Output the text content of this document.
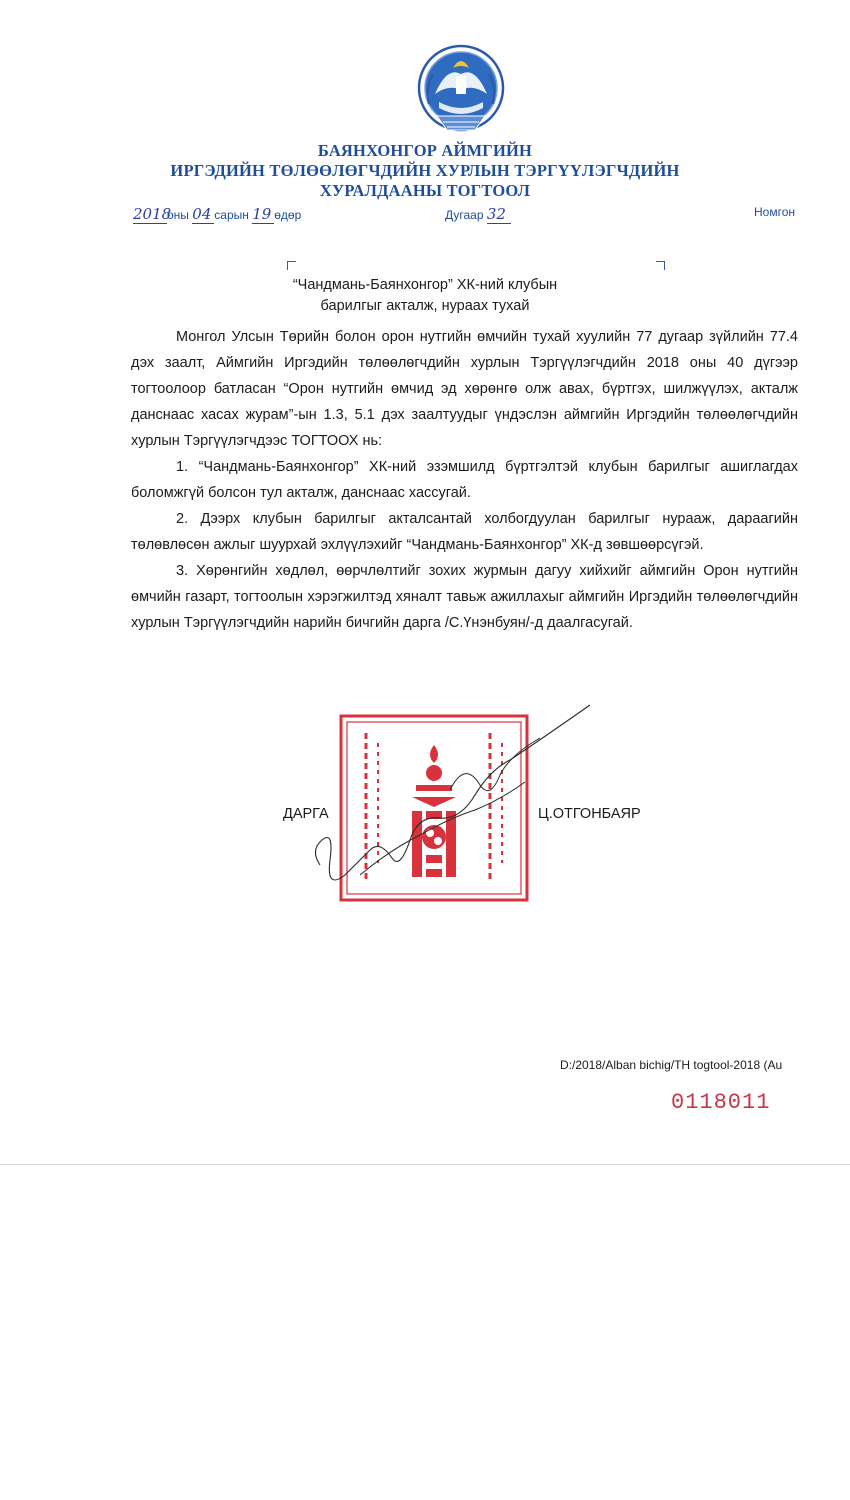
БАЯНХОНГОР АЙМГИЙН
ИРГЭДИЙН ТӨЛӨӨЛӨГЧДИЙН ХУРЛЫН ТЭРГҮҮЛЭГЧДИЙН
ХУРАЛДААНЫ ТОГТООЛ
2018оны 04 сарын 19 өдөр	Дугаар 32	Номгон
“Чандмань-Баянхонгор” ХК-ний клубын
барилгыг акталж, нураах тухай

Монгол Улсын Төрийн болон орон нутгийн өмчийн тухай хуулийн 77 дугаар зүйлийн 77.4 дэх заалт, Аймгийн Иргэдийн төлөөлөгчдийн хурлын Тэргүүлэгчдийн 2018 оны 40 дүгээр тогтоолоор батласан “Орон нутгийн өмчид эд хөрөнгө олж авах, бүртгэх, шилжүүлэх, акталж данснаас хасах журам”-ын 1.3, 5.1 дэх заалтуудыг үндэслэн аймгийн Иргэдийн төлөөлөгчдийн хурлын Тэргүүлэгчдээс ТОГТООХ нь:

1. “Чандмань-Баянхонгор” ХК-ний эзэмшилд бүртгэлтэй клубын барилгыг ашиглагдах боломжгүй болсон тул акталж, данснаас хассугай.

2. Дээрх клубын барилгыг акталсантай холбогдуулан барилгыг нурааж, дараагийн төлөвлөсөн ажлыг шуурхай эхлүүлэхийг “Чандмань-Баянхонгор” ХК-д зөвшөөрсүгэй.

3. Хөрөнгийн хөдлөл, өөрчлөлтийг зохих журмын дагуу хийхийг аймгийн Орон нутгийн өмчийн газарт, тогтоолын хэрэгжилтэд хяналт тавьж ажиллахыг аймгийн Иргэдийн төлөөлөгчдийн хурлын Тэргүүлэгчдийн нарийн бичгийн дарга /С.Үнэнбуян/-д даалгасугай.

ДАРГА	Ц.ОТГОНБАЯР
D:/2018/Alban bichig/TH togtool-2018 (Au
0118011
